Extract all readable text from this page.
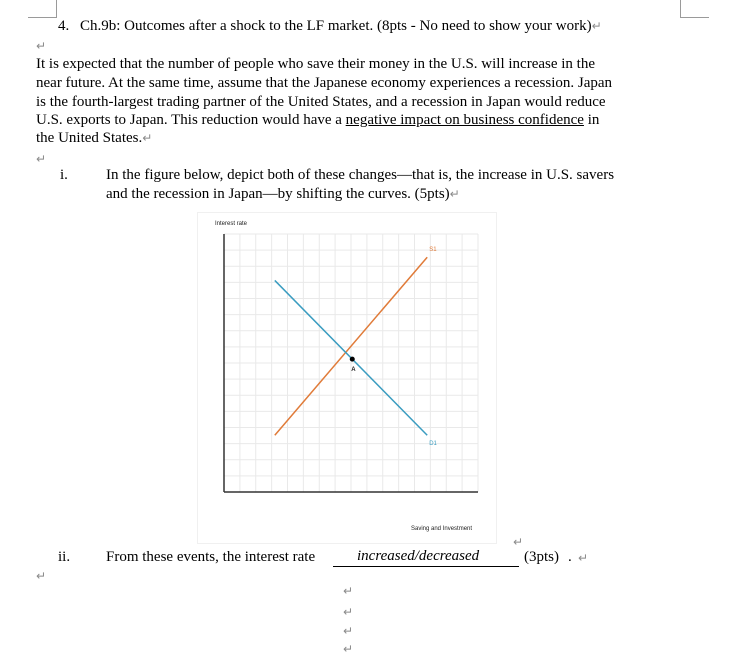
4. Ch.9b: Outcomes after a shock to the LF market. (8pts - No need to show your work)↵
↵
It is expected that the number of people who save their money in the U.S. will increase in the
near future. At the same time, assume that the Japanese economy experiences a recession. Japan
is the fourth-largest trading partner of the United States, and a recession in Japan would reduce
U.S. exports to Japan. This reduction would have a negative impact on business confidence in
the United States.↵
↵
i.	In the figure below, depict both of these changes—that is, the increase in U.S. savers
and the recession in Japan—by shifting the curves. (5pts)↵
S1
D1
A
Interest rate
Saving and Investment
↵
ii. From these events, the interest rate	increased/decreased	(3pts) . ↵
↵
↵
↵
↵
↵
